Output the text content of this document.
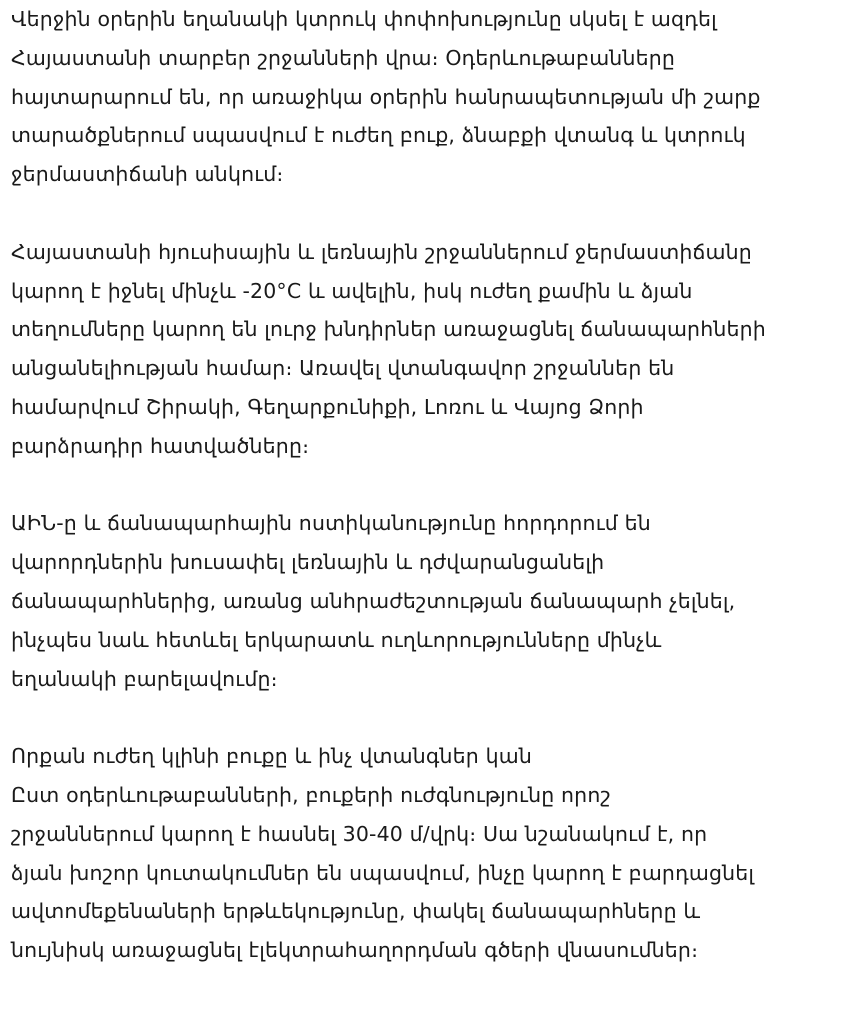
Վերջին օրերին եղանակի կտրուկ փոփոխությունը սկսել է ազդել
Հայաստանի տարբեր շրջանների վրա։ Օդերևութաբանները
հայտարարում են, որ առաջիկա օրերին հանրապետության մի շարք
տարածքներում սպասվում է ուժեղ բուք, ձնաբքի վտանգ և կտրուկ
ջերմաստիճանի անկում։

Հայաստանի հյուսիսային և լեռնային շրջաններում ջերմաստիճանը
կարող է իջնել մինչև -20°C և ավելին, իսկ ուժեղ քամին և ձյան
տեղումները կարող են լուրջ խնդիրներ առաջացնել ճանապարհների
անցանելիության համար։ Առավել վտանգավոր շրջաններ են
համարվում Շիրակի, Գեղարքունիքի, Լոռու և Վայոց Ձորի
բարձրադիր հատվածները։

ԱԻՆ-ը և ճանապարհային ոստիկանությունը հորդորում են
վարորդներին խուսափել լեռնային և դժվարանցանելի
ճանապարհներից, առանց անհրաժեշտության ճանապարհ չելնել,
ինչպես նաև հետևել երկարատև ուղևորությունները մինչև
եղանակի բարելավումը։

Որքան ուժեղ կլինի բուքը և ինչ վտանգներ կան
Ըստ օդերևութաբանների, բուքերի ուժգնությունը որոշ
շրջաններում կարող է հասնել 30-40 մ/վրկ։ Սա նշանակում է, որ
ձյան խոշոր կուտակումներ են սպասվում, ինչը կարող է բարդացնել
ավտոմեքենաների երթևեկությունը, փակել ճանապարհները և
նույնիսկ առաջացնել էլեկտրահաղորդման գծերի վնասումներ։
